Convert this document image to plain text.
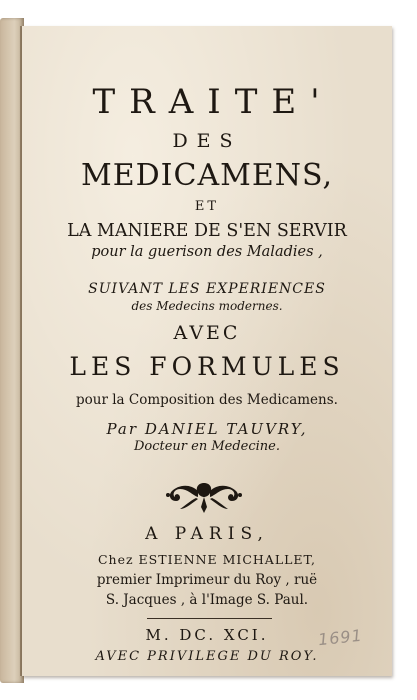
TRAITE'
DES
MEDICAMENS,
ET
LA MANIERE DE S'EN SERVIR
pour la guerison des Maladies ,
SUIVANT LES EXPERIENCES
des Medecins modernes.
AVEC
LES FORMULES
pour la Composition des Medicamens.
Par DANIEL TAUVRY,
Docteur en Medecine.
A PARIS,
Chez ESTIENNE MICHALLET,
premier Imprimeur du Roy , ruë
S. Jacques , à l'Image S. Paul.
M. DC. XCI.
AVEC PRIVILEGE DU ROY.
1691
